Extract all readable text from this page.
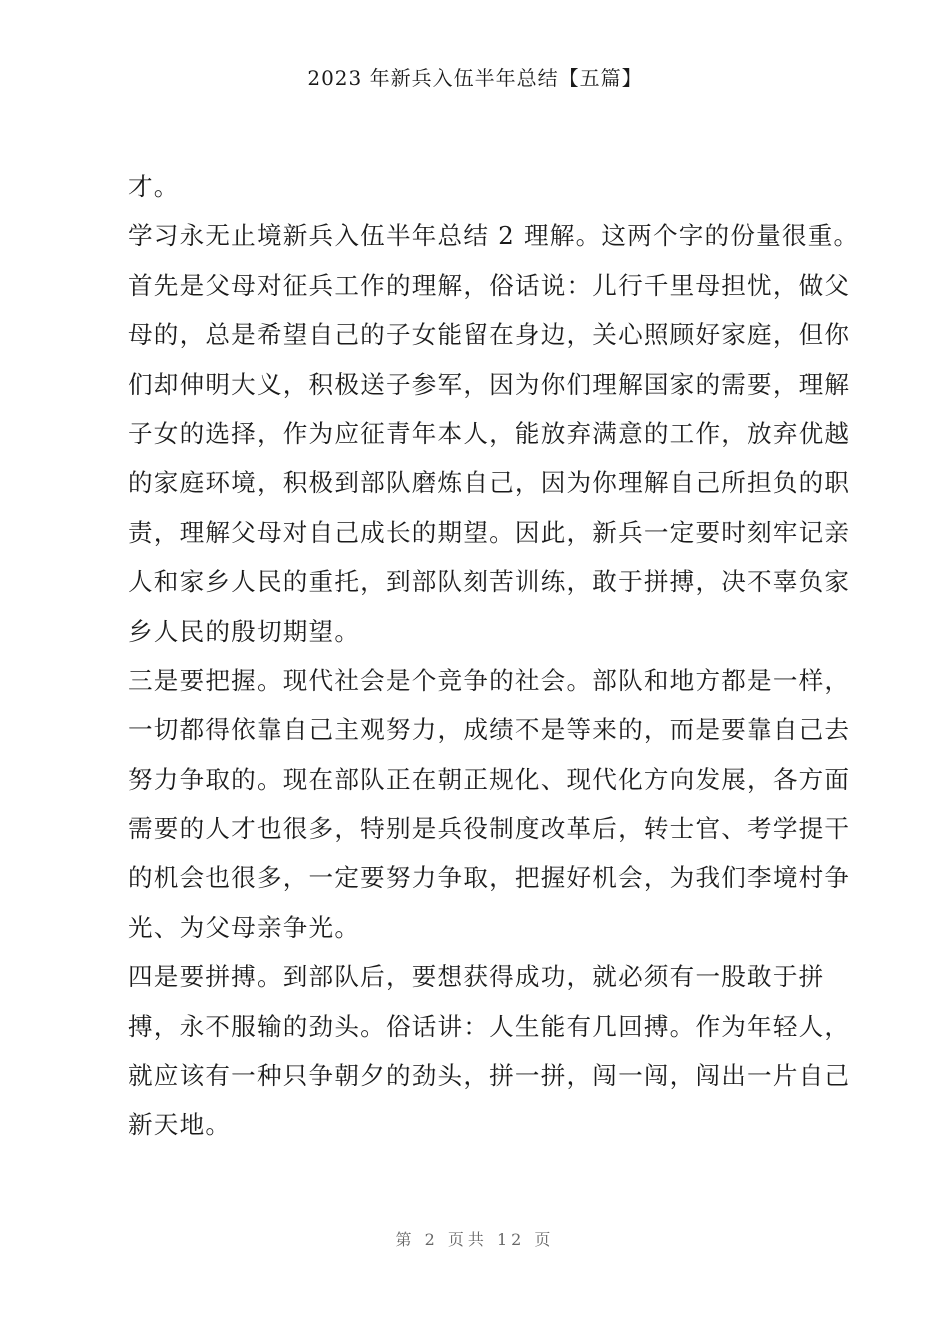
2023 年新兵入伍半年总结【五篇】
才。
学习永无止境新兵入伍半年总结 2 理解。这两个字的份量很重。
首先是父母对征兵工作的理解，俗话说：儿行千里母担忧，做父
母的，总是希望自己的子女能留在身边，关心照顾好家庭，但你
们却伸明大义，积极送子参军，因为你们理解国家的需要，理解
子女的选择，作为应征青年本人，能放弃满意的工作，放弃优越
的家庭环境，积极到部队磨炼自己，因为你理解自己所担负的职
责，理解父母对自己成长的期望。因此，新兵一定要时刻牢记亲
人和家乡人民的重托，到部队刻苦训练，敢于拼搏，决不辜负家
乡人民的殷切期望。
三是要把握。现代社会是个竞争的社会。部队和地方都是一样，
一切都得依靠自己主观努力，成绩不是等来的，而是要靠自己去
努力争取的。现在部队正在朝正规化、现代化方向发展，各方面
需要的人才也很多，特别是兵役制度改革后，转士官、考学提干
的机会也很多，一定要努力争取，把握好机会，为我们李境村争
光、为父母亲争光。
四是要拼搏。到部队后，要想获得成功，就必须有一股敢于拼
搏，永不服输的劲头。俗话讲：人生能有几回搏。作为年轻人，
就应该有一种只争朝夕的劲头，拼一拼，闯一闯，闯出一片自己
新天地。
第 2 页共 12 页
